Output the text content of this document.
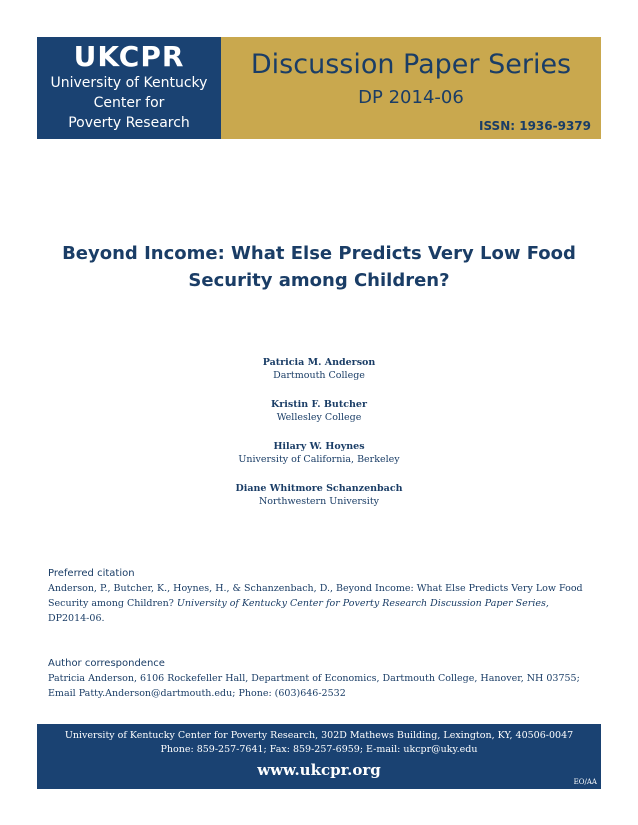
UKCPR
University of Kentucky
Center for
Poverty Research
Discussion Paper Series
DP 2014-06
ISSN: 1936-9379
Beyond Income: What Else Predicts Very Low Food
Security among Children?
Patricia M. Anderson
Dartmouth College
Kristin F. Butcher
Wellesley College
Hilary W. Hoynes
University of California, Berkeley
Diane Whitmore Schanzenbach
Northwestern University
Preferred citation
Anderson, P., Butcher, K., Hoynes, H., & Schanzenbach, D., Beyond Income: What Else Predicts Very Low Food Security among Children? University of Kentucky Center for Poverty Research Discussion Paper Series, DP2014-06.
Author correspondence
Patricia Anderson, 6106 Rockefeller Hall, Department of Economics, Dartmouth College, Hanover, NH 03755; Email Patty.Anderson@dartmouth.edu; Phone: (603)646-2532
University of Kentucky Center for Poverty Research, 302D Mathews Building, Lexington, KY, 40506-0047
Phone: 859-257-7641; Fax: 859-257-6959; E-mail: ukcpr@uky.edu
www.ukcpr.org
EO/AA
